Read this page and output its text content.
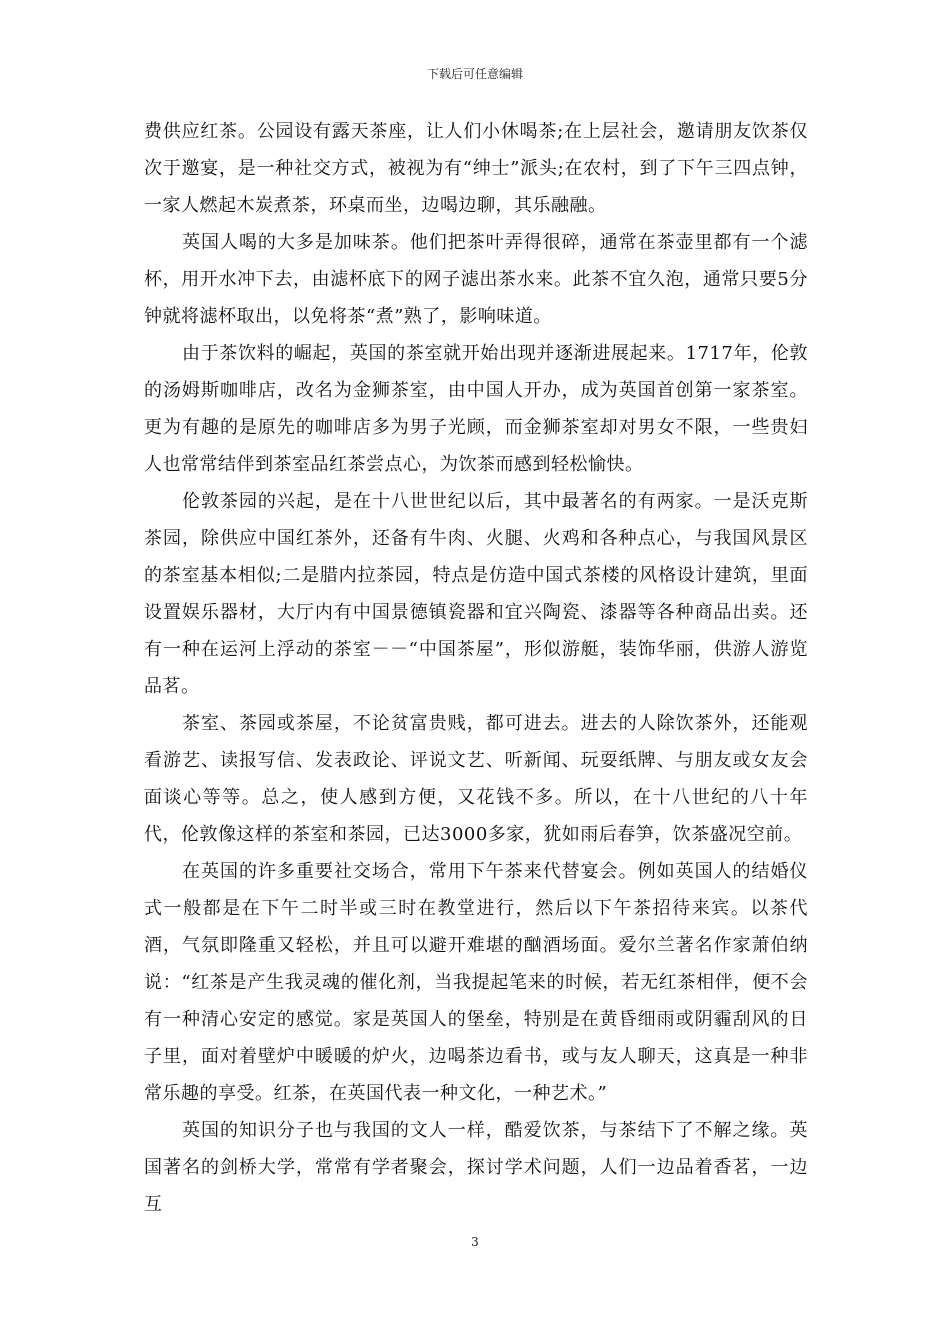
下载后可任意编辑

费供应红茶。公园设有露天茶座，让人们小休喝茶;在上层社会，邀请朋友饮茶仅次于邀宴，是一种社交方式，被视为有“绅士”派头;在农村，到了下午三四点钟，一家人燃起木炭煮茶，环桌而坐，边喝边聊，其乐融融。

英国人喝的大多是加味茶。他们把茶叶弄得很碎，通常在茶壶里都有一个滤杯，用开水冲下去，由滤杯底下的网子滤出茶水来。此茶不宜久泡，通常只要5分钟就将滤杯取出，以免将茶“煮”熟了，影响味道。

由于茶饮料的崛起，英国的茶室就开始出现并逐渐进展起来。1717年，伦敦的汤姆斯咖啡店，改名为金狮茶室，由中国人开办，成为英国首创第一家茶室。更为有趣的是原先的咖啡店多为男子光顾，而金狮茶室却对男女不限，一些贵妇人也常常结伴到茶室品红茶尝点心，为饮茶而感到轻松愉快。

伦敦茶园的兴起，是在十八世世纪以后，其中最著名的有两家。一是沃克斯茶园，除供应中国红茶外，还备有牛肉、火腿、火鸡和各种点心，与我国风景区的茶室基本相似;二是腊内拉茶园，特点是仿造中国式茶楼的风格设计建筑，里面设置娱乐器材，大厅内有中国景德镇瓷器和宜兴陶瓷、漆器等各种商品出卖。还有一种在运河上浮动的茶室－－“中国茶屋”，形似游艇，装饰华丽，供游人游览品茗。

茶室、茶园或茶屋，不论贫富贵贱，都可进去。进去的人除饮茶外，还能观看游艺、读报写信、发表政论、评说文艺、听新闻、玩耍纸牌、与朋友或女友会面谈心等等。总之，使人感到方便，又花钱不多。所以，在十八世纪的八十年代，伦敦像这样的茶室和茶园，已达3000多家，犹如雨后春笋，饮茶盛况空前。

在英国的许多重要社交场合，常用下午茶来代替宴会。例如英国人的结婚仪式一般都是在下午二时半或三时在教堂进行，然后以下午茶招待来宾。以茶代酒，气氛即隆重又轻松，并且可以避开难堪的酗酒场面。爱尔兰著名作家萧伯纳说：“红茶是产生我灵魂的催化剂，当我提起笔来的时候，若无红茶相伴，便不会有一种清心安定的感觉。家是英国人的堡垒，特别是在黄昏细雨或阴霾刮风的日子里，面对着壁炉中暖暖的炉火，边喝茶边看书，或与友人聊天，这真是一种非常乐趣的享受。红茶，在英国代表一种文化，一种艺术。”

英国的知识分子也与我国的文人一样，酷爱饮茶，与茶结下了不解之缘。英国著名的剑桥大学，常常有学者聚会，探讨学术问题，人们一边品着香茗，一边互

3
